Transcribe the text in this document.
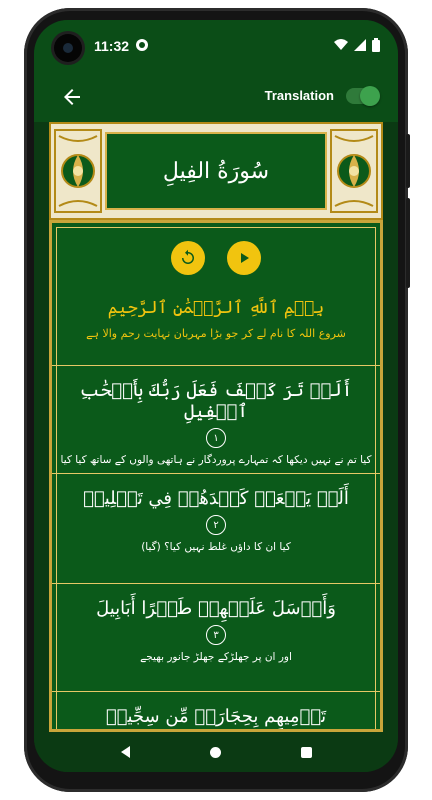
11:32
Translation
سُورَةُ الفِيلِ
بِسۡمِ ٱللَّهِ ٱلرَّحۡمَٰنِ ٱلرَّحِيمِ
شروع اللہ کا نام لے کر جو بڑا مہربان نہایت رحم والا ہے
أَلَمۡ تَرَ كَيۡفَ فَعَلَ رَبُّكَ بِأَصۡحَٰبِ ٱلۡفِيلِ
١
کیا تم نے نہیں دیکھا کہ تمہارے پروردگار نے ہاتھی والوں کے ساتھ کیا کیا
أَلَمۡ يَجۡعَلۡ كَيۡدَهُمۡ فِي تَضۡلِيلٖ
٢
کیا ان کا داؤں غلط نہیں کیا؟ (گیا)
وَأَرۡسَلَ عَلَيۡهِمۡ طَيۡرًا أَبَابِيلَ
٣
اور ان پر جھلڑکے جھلڑ جانور بھیجے
تَرۡمِيهِم بِحِجَارَةٖ مِّن سِجِّيلٖ
